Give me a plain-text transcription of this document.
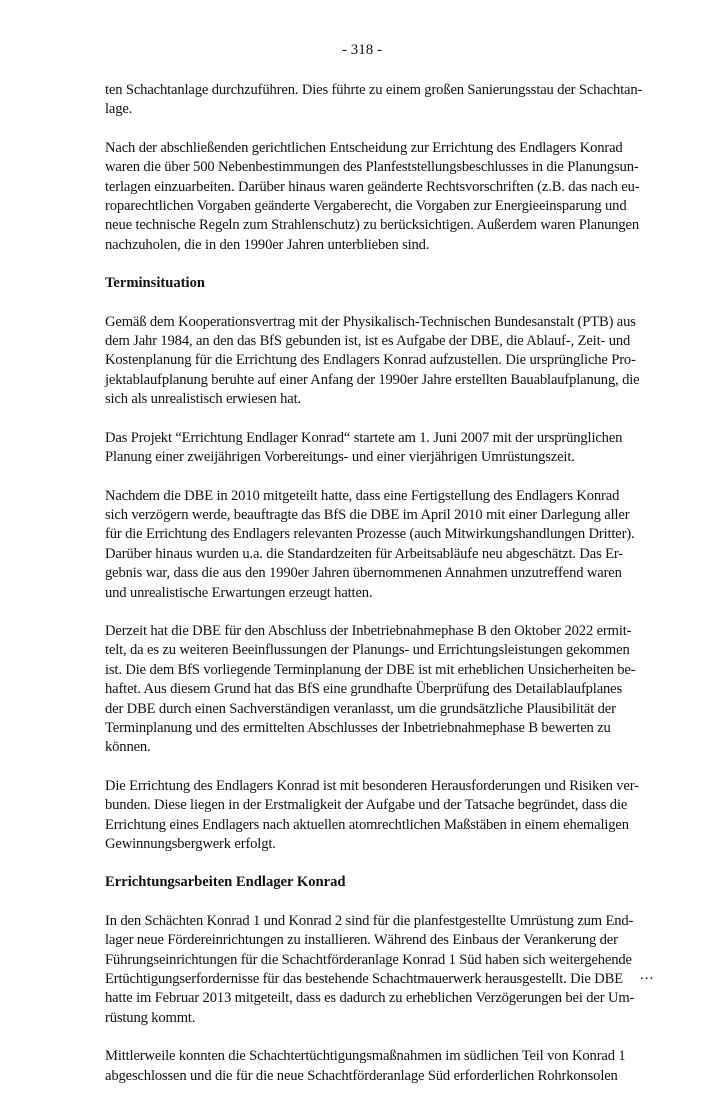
- 318 -
ten Schachtanlage durchzuführen. Dies führte zu einem großen Sanierungsstau der Schachtan-
lage.
Nach der abschließenden gerichtlichen Entscheidung zur Errichtung des Endlagers Konrad
waren die über 500 Nebenbestimmungen des Planfeststellungsbeschlusses in die Planungsun-
terlagen einzuarbeiten. Darüber hinaus waren geänderte Rechtsvorschriften (z.B. das nach eu-
roparechtlichen Vorgaben geänderte Vergaberecht, die Vorgaben zur Energieeinsparung und
neue technische Regeln zum Strahlenschutz) zu berücksichtigen. Außerdem waren Planungen
nachzuholen, die in den 1990er Jahren unterblieben sind.
Terminsituation
Gemäß dem Kooperationsvertrag mit der Physikalisch-Technischen Bundesanstalt (PTB) aus
dem Jahr 1984, an den das BfS gebunden ist, ist es Aufgabe der DBE, die Ablauf-, Zeit- und
Kostenplanung für die Errichtung des Endlagers Konrad aufzustellen. Die ursprüngliche Pro-
jektablaufplanung beruhte auf einer Anfang der 1990er Jahre erstellten Bauablaufplanung, die
sich als unrealistisch erwiesen hat.
Das Projekt “Errichtung Endlager Konrad“ startete am 1. Juni 2007 mit der ursprünglichen
Planung einer zweijährigen Vorbereitungs- und einer vierjährigen Umrüstungszeit.
Nachdem die DBE in 2010 mitgeteilt hatte, dass eine Fertigstellung des Endlagers Konrad
sich verzögern werde, beauftragte das BfS die DBE im April 2010 mit einer Darlegung aller
für die Errichtung des Endlagers relevanten Prozesse (auch Mitwirkungshandlungen Dritter).
Darüber hinaus wurden u.a. die Standardzeiten für Arbeitsabläufe neu abgeschätzt. Das Er-
gebnis war, dass die aus den 1990er Jahren übernommenen Annahmen unzutreffend waren
und unrealistische Erwartungen erzeugt hatten.
Derzeit hat die DBE für den Abschluss der Inbetriebnahmephase B den Oktober 2022 ermit-
telt, da es zu weiteren Beeinflussungen der Planungs- und Errichtungsleistungen gekommen
ist. Die dem BfS vorliegende Terminplanung der DBE ist mit erheblichen Unsicherheiten be-
haftet. Aus diesem Grund hat das BfS eine grundhafte Überprüfung des Detailablaufplanes
der DBE durch einen Sachverständigen veranlasst, um die grundsätzliche Plausibilität der
Terminplanung und des ermittelten Abschlusses der Inbetriebnahmephase B bewerten zu
können.
Die Errichtung des Endlagers Konrad ist mit besonderen Herausforderungen und Risiken ver-
bunden. Diese liegen in der Erstmaligkeit der Aufgabe und der Tatsache begründet, dass die
Errichtung eines Endlagers nach aktuellen atomrechtlichen Maßstäben in einem ehemaligen
Gewinnungsbergwerk erfolgt.
Errichtungsarbeiten Endlager Konrad
In den Schächten Konrad 1 und Konrad 2 sind für die planfestgestellte Umrüstung zum End-
lager neue Fördereinrichtungen zu installieren. Während des Einbaus der Verankerung der
Führungseinrichtungen für die Schachtförderanlage Konrad 1 Süd haben sich weitergehende
Ertüchtigungserfordernisse für das bestehende Schachtmauerwerk herausgestellt. Die DBE
hatte im Februar 2013 mitgeteilt, dass es dadurch zu erheblichen Verzögerungen bei der Um-
rüstung kommt.
Mittlerweile konnten die Schachtertüchtigungsmaßnahmen im südlichen Teil von Konrad 1
abgeschlossen und die für die neue Schachtförderanlage Süd erforderlichen Rohrkonsolen
...
